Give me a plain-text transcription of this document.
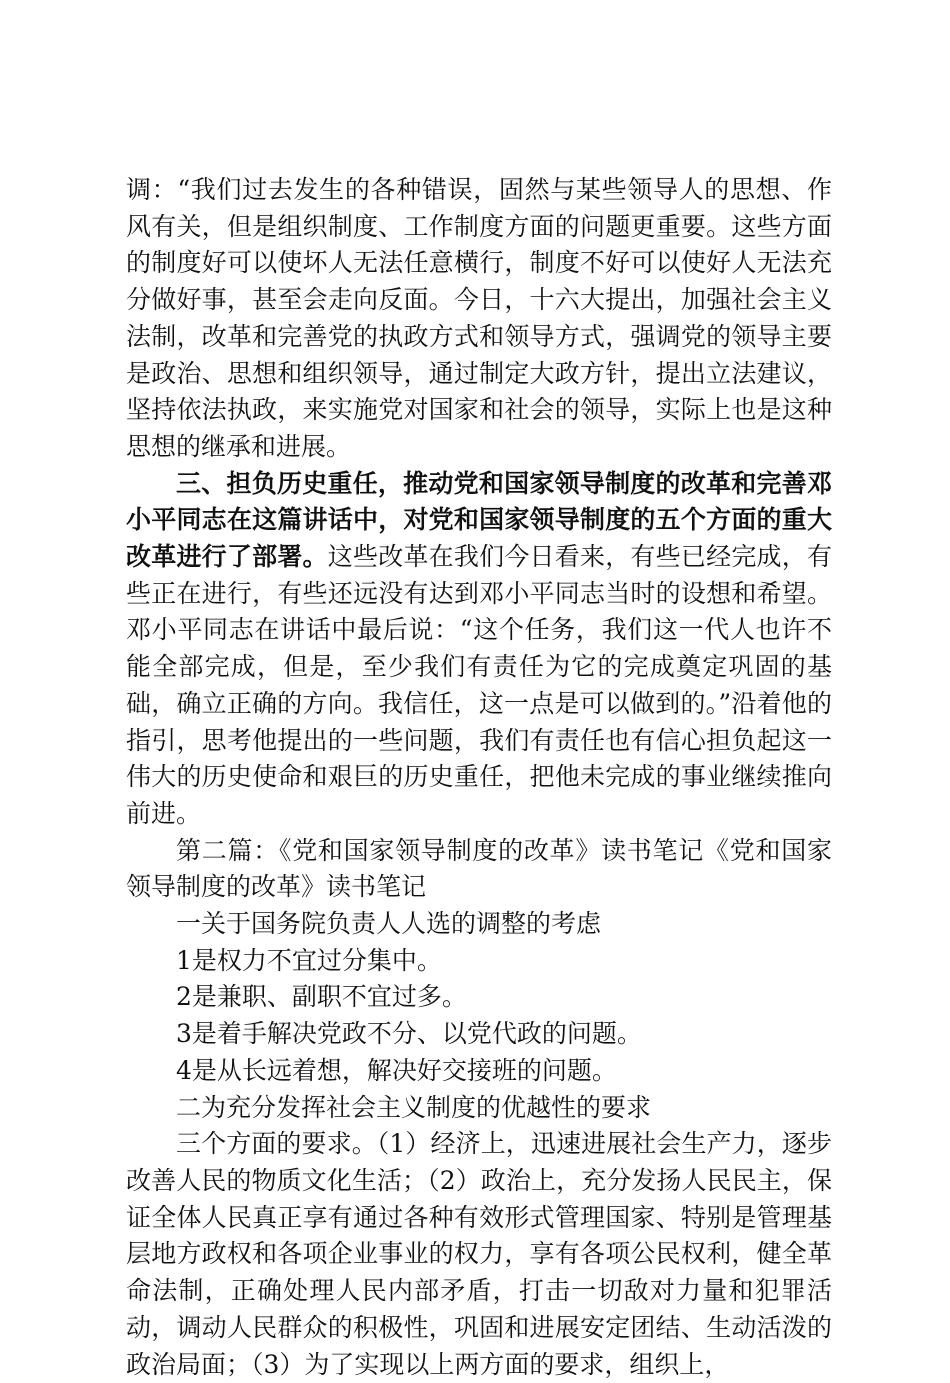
调：“我们过去发生的各种错误，固然与某些领导人的思想、作风有关，但是组织制度、工作制度方面的问题更重要。这些方面的制度好可以使坏人无法任意横行，制度不好可以使好人无法充分做好事，甚至会走向反面。今日，十六大提出，加强社会主义法制，改革和完善党的执政方式和领导方式，强调党的领导主要是政治、思想和组织领导，通过制定大政方针，提出立法建议，坚持依法执政，来实施党对国家和社会的领导，实际上也是这种思想的继承和进展。

三、担负历史重任，推动党和国家领导制度的改革和完善邓小平同志在这篇讲话中，对党和国家领导制度的五个方面的重大改革进行了部署。这些改革在我们今日看来，有些已经完成，有些正在进行，有些还远没有达到邓小平同志当时的设想和希望。邓小平同志在讲话中最后说：“这个任务，我们这一代人也许不能全部完成，但是，至少我们有责任为它的完成奠定巩固的基础，确立正确的方向。我信任，这一点是可以做到的。”沿着他的指引，思考他提出的一些问题，我们有责任也有信心担负起这一伟大的历史使命和艰巨的历史重任，把他未完成的事业继续推向前进。

第二篇：《党和国家领导制度的改革》读书笔记《党和国家领导制度的改革》读书笔记

一关于国务院负责人人选的调整的考虑

1是权力不宜过分集中。

2是兼职、副职不宜过多。

3是着手解决党政不分、以党代政的问题。

4是从长远着想，解决好交接班的问题。

二为充分发挥社会主义制度的优越性的要求

三个方面的要求。（1）经济上，迅速进展社会生产力，逐步改善人民的物质文化生活；（2）政治上，充分发扬人民民主，保证全体人民真正享有通过各种有效形式管理国家、特别是管理基层地方政权和各项企业事业的权力，享有各项公民权利，健全革命法制，正确处理人民内部矛盾，打击一切敌对力量和犯罪活动，调动人民群众的积极性，巩固和进展安定团结、生动活泼的政治局面；（3）为了实现以上两方面的要求，组织上，
